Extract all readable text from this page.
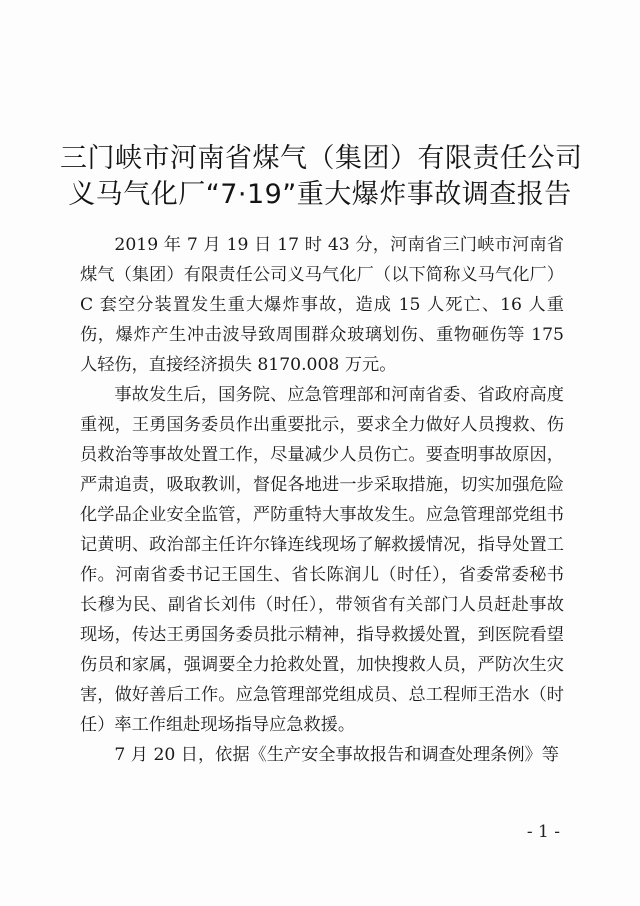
三门峡市河南省煤气（集团）有限责任公司
义马气化厂“7·19”重大爆炸事故调查报告

2019 年 7 月 19 日 17 时 43 分，河南省三门峡市河南省煤气（集团）有限责任公司义马气化厂（以下简称义马气化厂）C 套空分装置发生重大爆炸事故，造成 15 人死亡、16 人重伤，爆炸产生冲击波导致周围群众玻璃划伤、重物砸伤等 175 人轻伤，直接经济损失 8170.008 万元。

事故发生后，国务院、应急管理部和河南省委、省政府高度重视，王勇国务委员作出重要批示，要求全力做好人员搜救、伤员救治等事故处置工作，尽量减少人员伤亡。要查明事故原因，严肃追责，吸取教训，督促各地进一步采取措施，切实加强危险化学品企业安全监管，严防重特大事故发生。应急管理部党组书记黄明、政治部主任许尔锋连线现场了解救援情况，指导处置工作。河南省委书记王国生、省长陈润儿（时任），省委常委秘书长穆为民、副省长刘伟（时任），带领省有关部门人员赶赴事故现场，传达王勇国务委员批示精神，指导救援处置，到医院看望伤员和家属，强调要全力抢救处置，加快搜救人员，严防次生灾害，做好善后工作。应急管理部党组成员、总工程师王浩水（时任）率工作组赴现场指导应急救援。

7 月 20 日，依据《生产安全事故报告和调查处理条例》等

- 1 -
